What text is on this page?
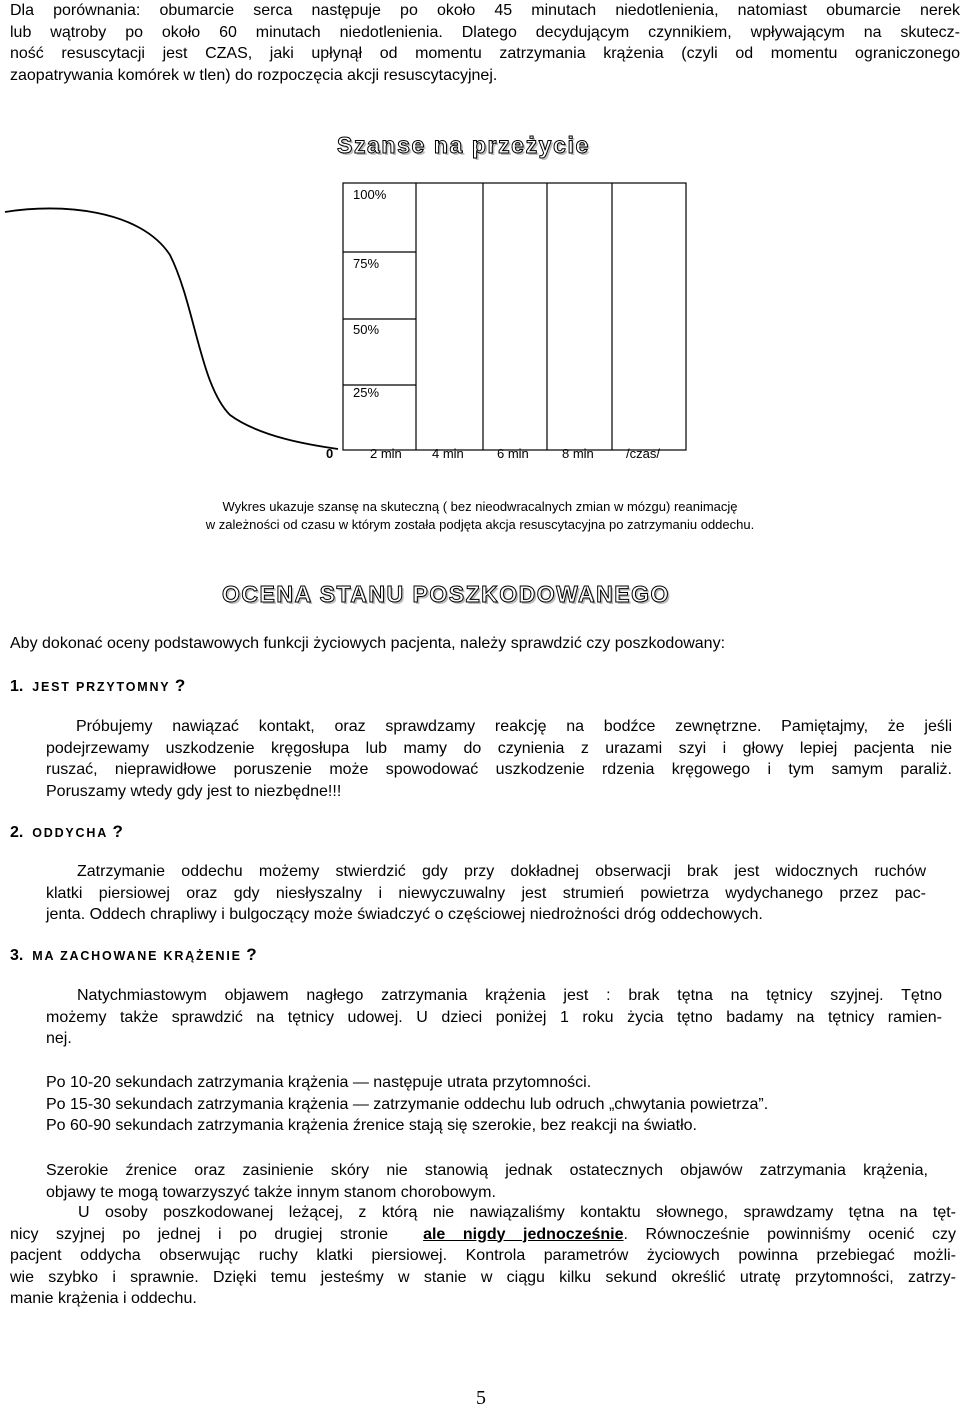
Dla porównania: obumarcie serca następuje po około 45 minutach niedotlenienia, natomiast obumarcie nerek
lub wątroby po około 60 minutach niedotlenienia. Dlatego decydującym czynnikiem, wpływającym na skutecz-
ność resuscytacji jest CZAS, jaki upłynął od momentu zatrzymania krążenia (czyli od momentu ograniczonego
zaopatrywania komórek w tlen) do rozpoczęcia akcji resuscytacyjnej.
Szanse na przeżycie
100%
75%
50%
25%
0	2 min 4 min	6 min	8 min /czas/
Wykres ukazuje szansę na skuteczną ( bez nieodwracalnych zmian w mózgu) reanimację
w zależności od czasu w którym została podjęta akcja resuscytacyjna po zatrzymaniu oddechu.
OCENA STANU POSZKODOWANEGO
Aby dokonać oceny podstawowych funkcji życiowych pacjenta, należy sprawdzić czy poszkodowany:
1. JEST PRZYTOMNY ?
Próbujemy nawiązać kontakt, oraz sprawdzamy reakcję na bodźce zewnętrzne. Pamiętajmy, że jeśli
podejrzewamy uszkodzenie kręgosłupa lub mamy do czynienia z urazami szyi i głowy lepiej pacjenta nie
ruszać, nieprawidłowe poruszenie może spowodować uszkodzenie rdzenia kręgowego i tym samym paraliż.
Poruszamy wtedy gdy jest to niezbędne!!!
2. ODDYCHA ?
Zatrzymanie oddechu możemy stwierdzić gdy przy dokładnej obserwacji brak jest widocznych ruchów
klatki piersiowej oraz gdy niesłyszalny i niewyczuwalny jest strumień powietrza wydychanego przez pac-
jenta. Oddech chrapliwy i bulgoczący może świadczyć o częściowej niedrożności dróg oddechowych.
3. MA ZACHOWANE KRĄŻENIE ?
Natychmiastowym objawem nagłego zatrzymania krążenia jest : brak tętna na tętnicy szyjnej. Tętno
możemy także sprawdzić na tętnicy udowej. U dzieci poniżej 1 roku życia tętno badamy na tętnicy ramien-
nej.
Po 10-20 sekundach zatrzymania krążenia — następuje utrata przytomności.
Po 15-30 sekundach zatrzymania krążenia — zatrzymanie oddechu lub odruch „chwytania powietrza”.
Po 60-90 sekundach zatrzymania krążenia źrenice stają się szerokie, bez reakcji na światło.
Szerokie źrenice oraz zasinienie skóry nie stanowią jednak ostatecznych objawów zatrzymania krążenia,
objawy te mogą towarzyszyć także innym stanom chorobowym.
U osoby poszkodowanej leżącej, z którą nie nawiązaliśmy kontaktu słownego, sprawdzamy tętna na tęt-
nicy szyjnej po jednej i po drugiej stronie ale nigdy jednocześnie. Równocześnie powinniśmy ocenić czy
pacjent oddycha obserwując ruchy klatki piersiowej. Kontrola parametrów życiowych powinna przebiegać możli-
wie szybko i sprawnie. Dzięki temu jesteśmy w stanie w ciągu kilku sekund określić utratę przytomności, zatrzy-
manie krążenia i oddechu.
5
